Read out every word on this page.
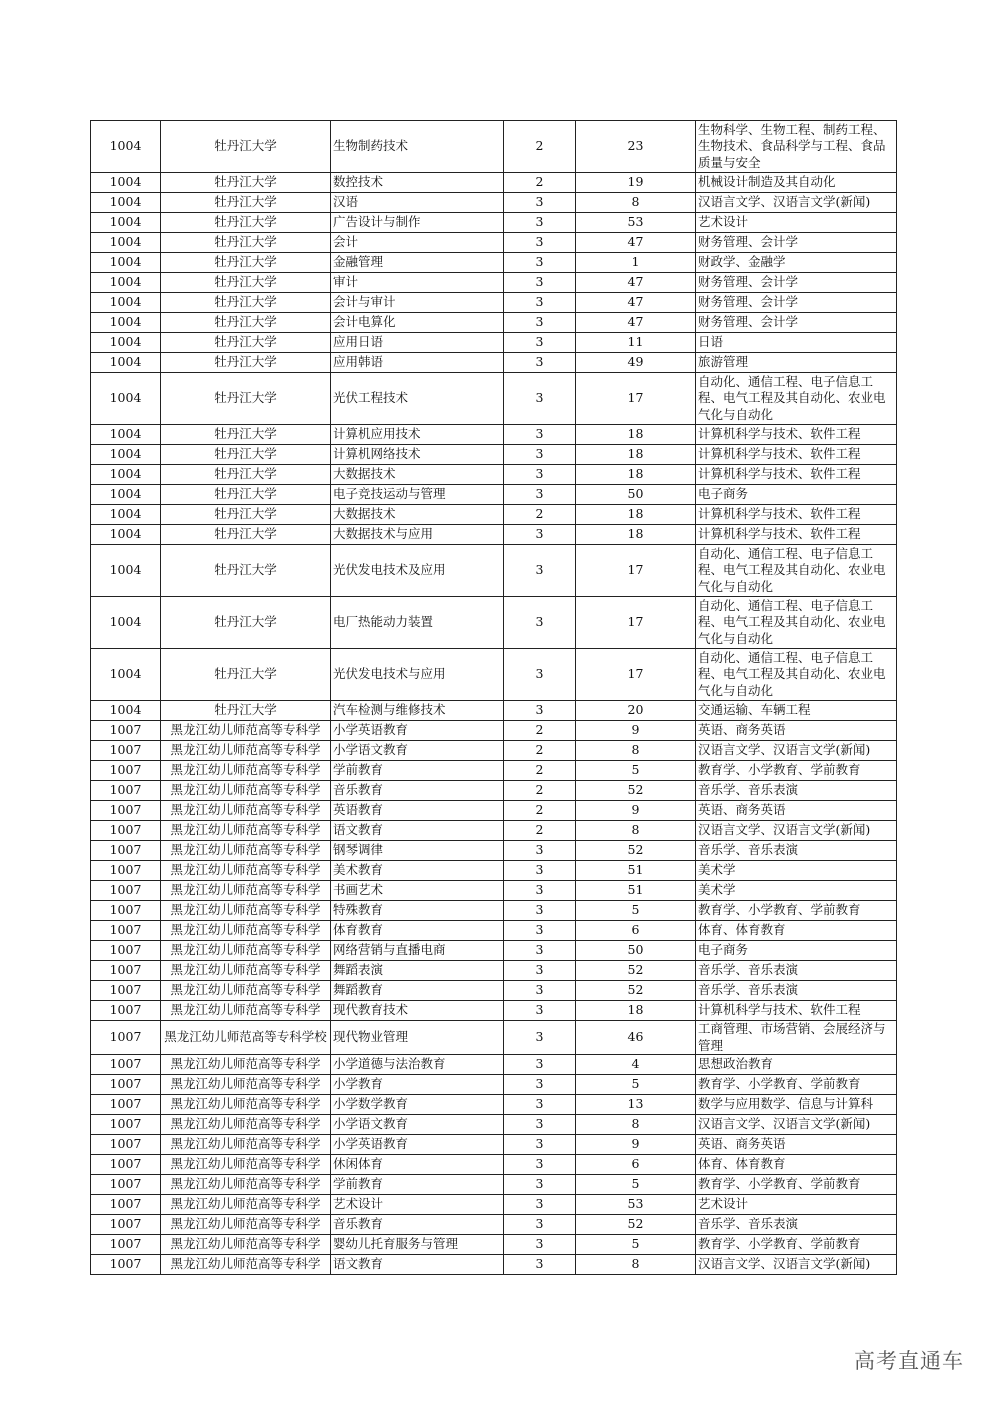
1004	牡丹江大学	生物制药技术	2	23	生物科学、生物工程、制药工程、生物技术、食品科学与工程、食品质量与安全
1004	牡丹江大学	数控技术	2	19	机械设计制造及其自动化
1004	牡丹江大学	汉语	3	8	汉语言文学、汉语言文学(新闻)
1004	牡丹江大学	广告设计与制作	3	53	艺术设计
1004	牡丹江大学	会计	3	47	财务管理、会计学
1004	牡丹江大学	金融管理	3	1	财政学、金融学
1004	牡丹江大学	审计	3	47	财务管理、会计学
1004	牡丹江大学	会计与审计	3	47	财务管理、会计学
1004	牡丹江大学	会计电算化	3	47	财务管理、会计学
1004	牡丹江大学	应用日语	3	11	日语
1004	牡丹江大学	应用韩语	3	49	旅游管理
1004	牡丹江大学	光伏工程技术	3	17	自动化、通信工程、电子信息工程、电气工程及其自动化、农业电气化与自动化
1004	牡丹江大学	计算机应用技术	3	18	计算机科学与技术、软件工程
1004	牡丹江大学	计算机网络技术	3	18	计算机科学与技术、软件工程
1004	牡丹江大学	大数据技术	3	18	计算机科学与技术、软件工程
1004	牡丹江大学	电子竞技运动与管理	3	50	电子商务
1004	牡丹江大学	大数据技术	2	18	计算机科学与技术、软件工程
1004	牡丹江大学	大数据技术与应用	3	18	计算机科学与技术、软件工程
1004	牡丹江大学	光伏发电技术及应用	3	17	自动化、通信工程、电子信息工程、电气工程及其自动化、农业电气化与自动化
1004	牡丹江大学	电厂热能动力装置	3	17	自动化、通信工程、电子信息工程、电气工程及其自动化、农业电气化与自动化
1004	牡丹江大学	光伏发电技术与应用	3	17	自动化、通信工程、电子信息工程、电气工程及其自动化、农业电气化与自动化
1004	牡丹江大学	汽车检测与维修技术	3	20	交通运输、车辆工程
1007	黑龙江幼儿师范高等专科学	小学英语教育	2	9	英语、商务英语
1007	黑龙江幼儿师范高等专科学	小学语文教育	2	8	汉语言文学、汉语言文学(新闻)
1007	黑龙江幼儿师范高等专科学	学前教育	2	5	教育学、小学教育、学前教育
1007	黑龙江幼儿师范高等专科学	音乐教育	2	52	音乐学、音乐表演
1007	黑龙江幼儿师范高等专科学	英语教育	2	9	英语、商务英语
1007	黑龙江幼儿师范高等专科学	语文教育	2	8	汉语言文学、汉语言文学(新闻)
1007	黑龙江幼儿师范高等专科学	钢琴调律	3	52	音乐学、音乐表演
1007	黑龙江幼儿师范高等专科学	美术教育	3	51	美术学
1007	黑龙江幼儿师范高等专科学	书画艺术	3	51	美术学
1007	黑龙江幼儿师范高等专科学	特殊教育	3	5	教育学、小学教育、学前教育
1007	黑龙江幼儿师范高等专科学	体育教育	3	6	体育、体育教育
1007	黑龙江幼儿师范高等专科学	网络营销与直播电商	3	50	电子商务
1007	黑龙江幼儿师范高等专科学	舞蹈表演	3	52	音乐学、音乐表演
1007	黑龙江幼儿师范高等专科学	舞蹈教育	3	52	音乐学、音乐表演
1007	黑龙江幼儿师范高等专科学	现代教育技术	3	18	计算机科学与技术、软件工程
1007	黑龙江幼儿师范高等专科学校	现代物业管理	3	46	工商管理、市场营销、会展经济与管理
1007	黑龙江幼儿师范高等专科学	小学道德与法治教育	3	4	思想政治教育
1007	黑龙江幼儿师范高等专科学	小学教育	3	5	教育学、小学教育、学前教育
1007	黑龙江幼儿师范高等专科学	小学数学教育	3	13	数学与应用数学、信息与计算科
1007	黑龙江幼儿师范高等专科学	小学语文教育	3	8	汉语言文学、汉语言文学(新闻)
1007	黑龙江幼儿师范高等专科学	小学英语教育	3	9	英语、商务英语
1007	黑龙江幼儿师范高等专科学	休闲体育	3	6	体育、体育教育
1007	黑龙江幼儿师范高等专科学	学前教育	3	5	教育学、小学教育、学前教育
1007	黑龙江幼儿师范高等专科学	艺术设计	3	53	艺术设计
1007	黑龙江幼儿师范高等专科学	音乐教育	3	52	音乐学、音乐表演
1007	黑龙江幼儿师范高等专科学	婴幼儿托育服务与管理	3	5	教育学、小学教育、学前教育
1007	黑龙江幼儿师范高等专科学	语文教育	3	8	汉语言文学、汉语言文学(新闻)
高考直通车
